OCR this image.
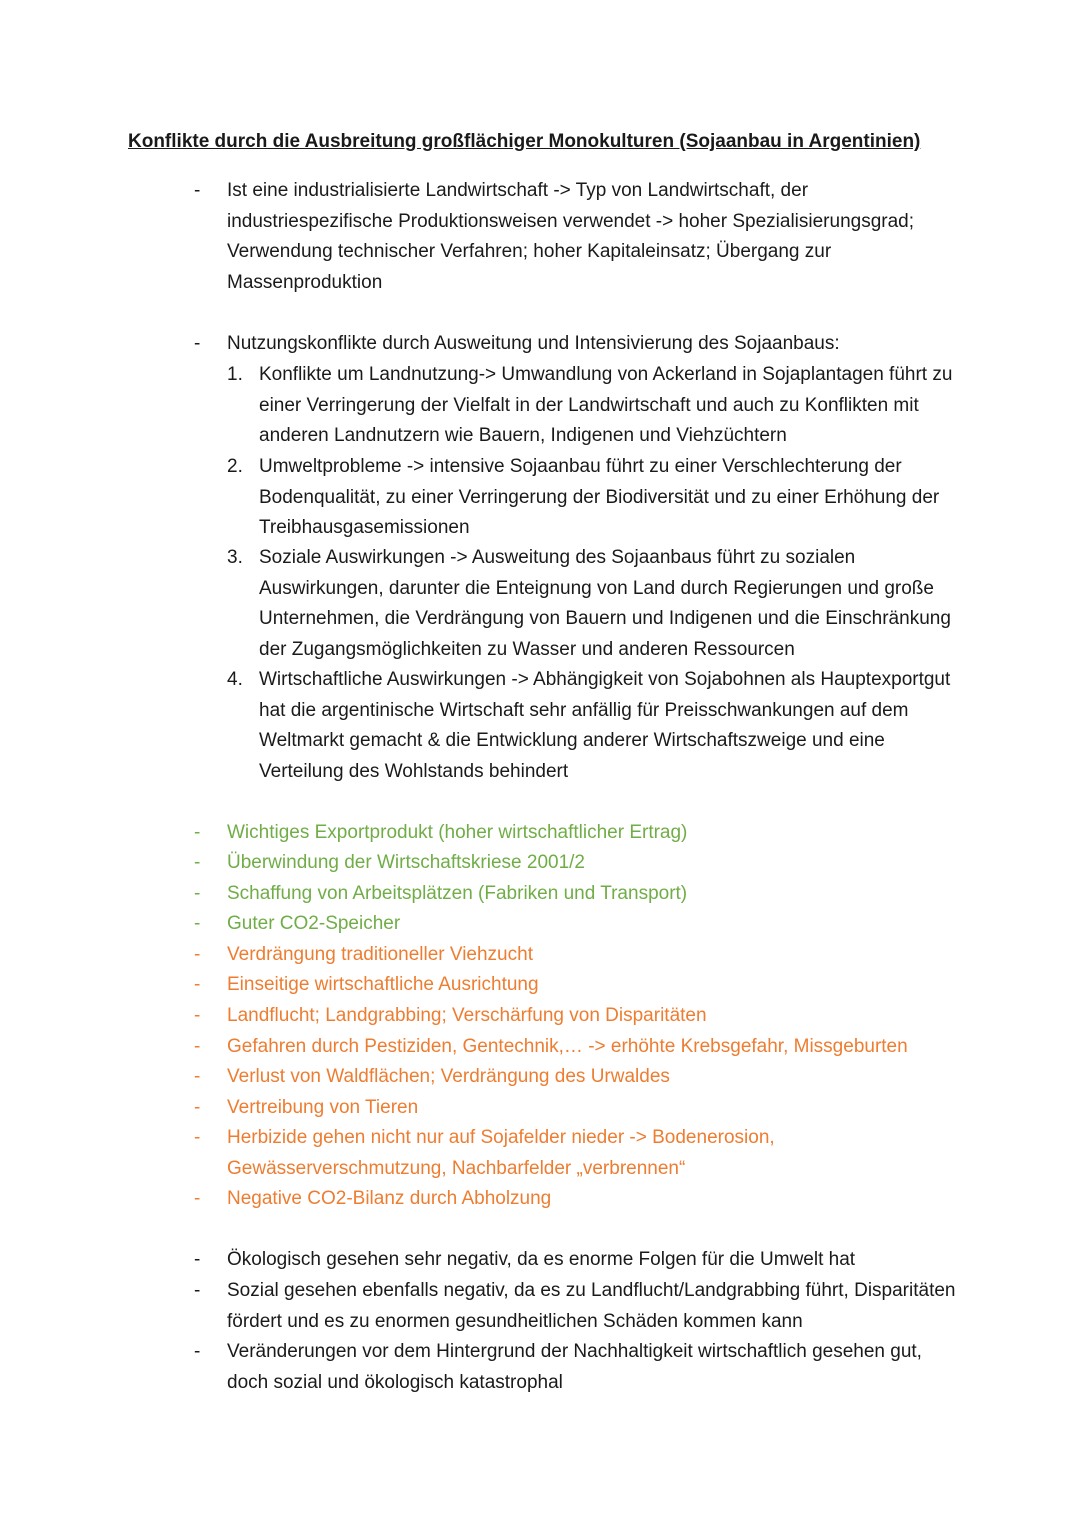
Konflikte durch die Ausbreitung großflächiger Monokulturen (Sojaanbau in Argentinien)
- Ist eine industrialisierte Landwirtschaft -> Typ von Landwirtschaft, der industriespezifische Produktionsweisen verwendet -> hoher Spezialisierungsgrad; Verwendung technischer Verfahren; hoher Kapitaleinsatz; Übergang zur Massenproduktion
- Nutzungskonflikte durch Ausweitung und Intensivierung des Sojaanbaus:
1. Konflikte um Landnutzung-> Umwandlung von Ackerland in Sojaplantagen führt zu einer Verringerung der Vielfalt in der Landwirtschaft und auch zu Konflikten mit anderen Landnutzern wie Bauern, Indigenen und Viehzüchtern
2. Umweltprobleme -> intensive Sojaanbau führt zu einer Verschlechterung der Bodenqualität, zu einer Verringerung der Biodiversität und zu einer Erhöhung der Treibhausgasemissionen
3. Soziale Auswirkungen -> Ausweitung des Sojaanbaus führt zu sozialen Auswirkungen, darunter die Enteignung von Land durch Regierungen und große Unternehmen, die Verdrängung von Bauern und Indigenen und die Einschränkung der Zugangsmöglichkeiten zu Wasser und anderen Ressourcen
4. Wirtschaftliche Auswirkungen -> Abhängigkeit von Sojabohnen als Hauptexportgut hat die argentinische Wirtschaft sehr anfällig für Preisschwankungen auf dem Weltmarkt gemacht & die Entwicklung anderer Wirtschaftszweige und eine Verteilung des Wohlstands behindert
- Wichtiges Exportprodukt (hoher wirtschaftlicher Ertrag)
- Überwindung der Wirtschaftskriese 2001/2
- Schaffung von Arbeitsplätzen (Fabriken und Transport)
- Guter CO2-Speicher
- Verdrängung traditioneller Viehzucht
- Einseitige wirtschaftliche Ausrichtung
- Landflucht; Landgrabbing; Verschärfung von Disparitäten
- Gefahren durch Pestiziden, Gentechnik,… -> erhöhte Krebsgefahr, Missgeburten
- Verlust von Waldflächen; Verdrängung des Urwaldes
- Vertreibung von Tieren
- Herbizide gehen nicht nur auf Sojafelder nieder -> Bodenerosion, Gewässerverschmutzung, Nachbarfelder „verbrennen“
- Negative CO2-Bilanz durch Abholzung
- Ökologisch gesehen sehr negativ, da es enorme Folgen für die Umwelt hat
- Sozial gesehen ebenfalls negativ, da es zu Landflucht/Landgrabbing führt, Disparitäten fördert und es zu enormen gesundheitlichen Schäden kommen kann
- Veränderungen vor dem Hintergrund der Nachhaltigkeit wirtschaftlich gesehen gut, doch sozial und ökologisch katastrophal
